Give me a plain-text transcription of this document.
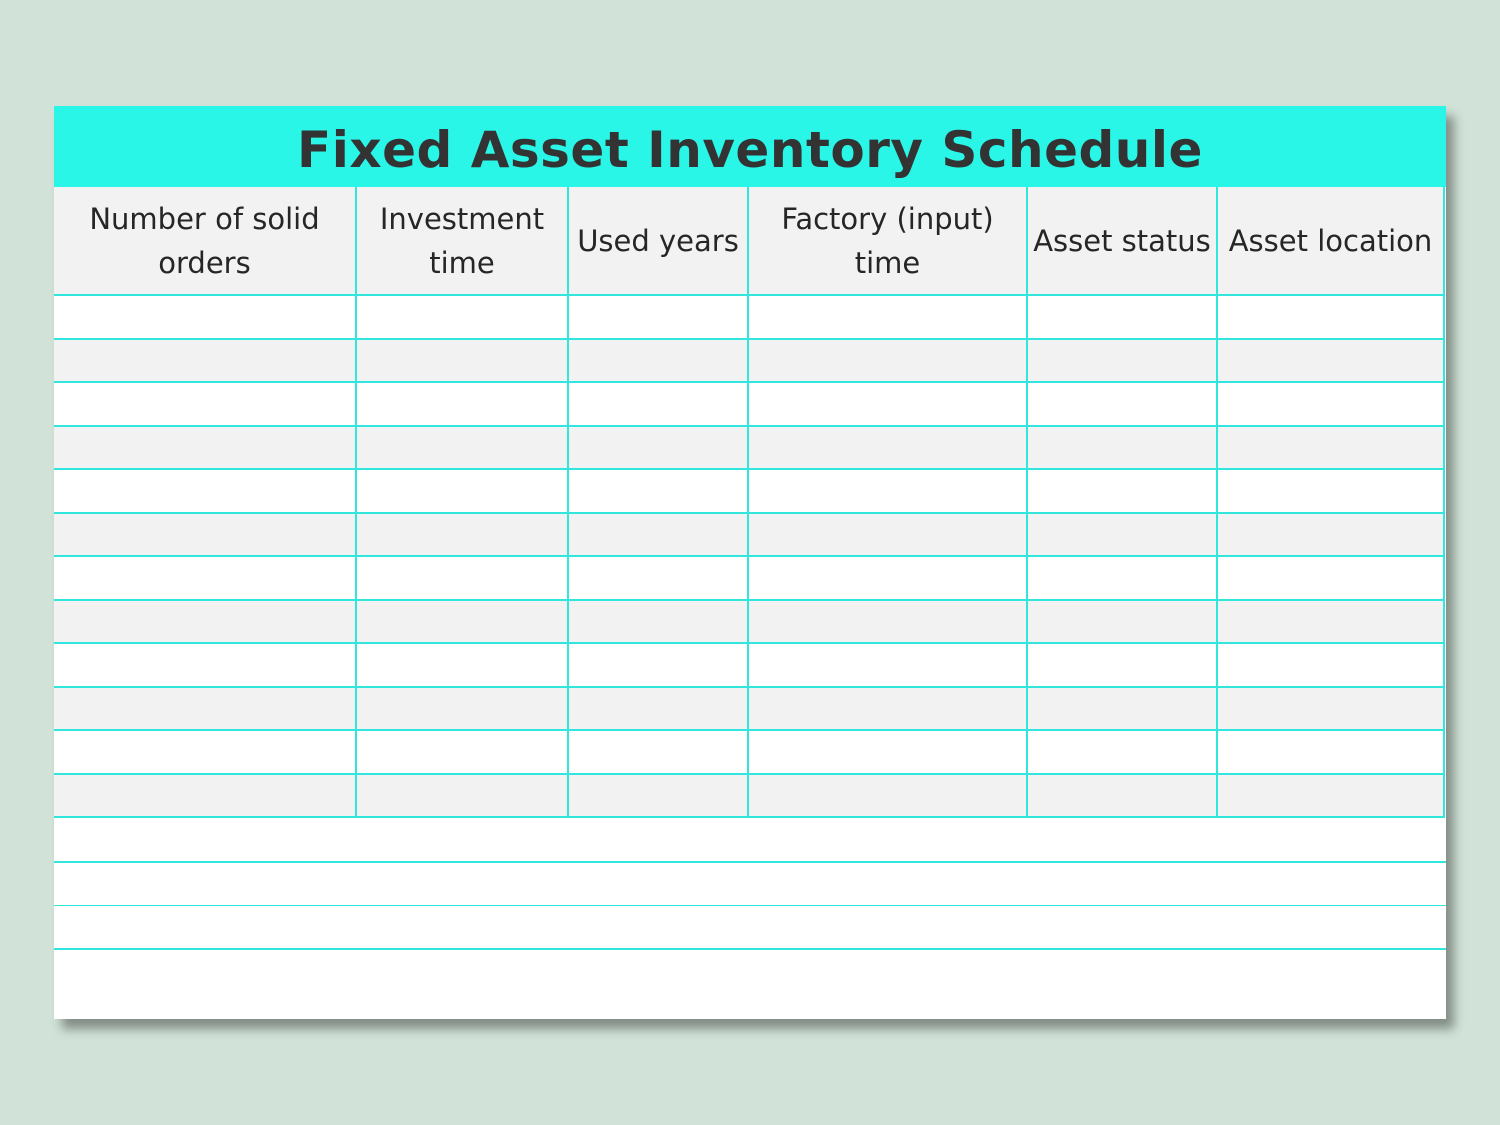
Fixed Asset Inventory Schedule
Number of solid orders	Investment time	Used years	Factory (input) time	Asset status	Asset location
